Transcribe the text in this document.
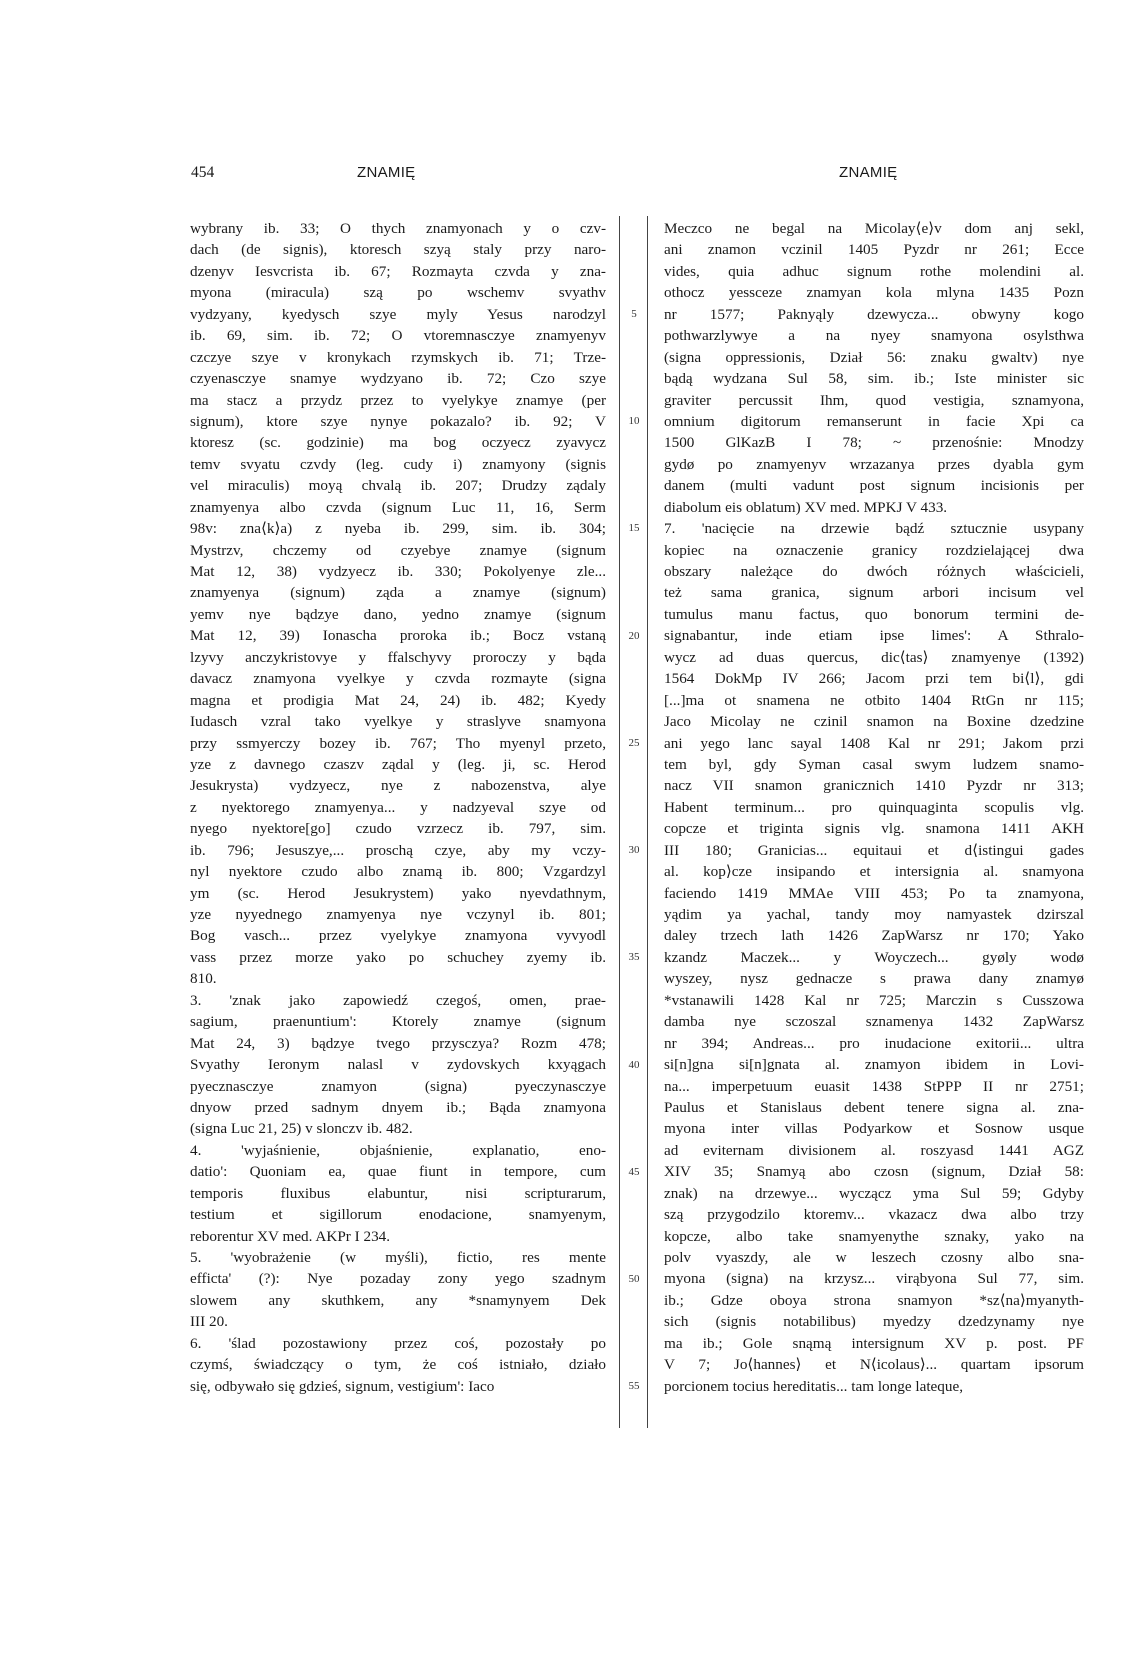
454	ZNAMIĘ	ZNAMIĘ
wybrany ib. 33; O thych znamyonach y o czv-
dach (de signis), ktoresch szyą staly przy naro-
dzenyv Iesvcrista ib. 67; Rozmayta czvda y zna-
myona (miracula) szą po wschemv svyathv
vydzyany, kyedysch szye myly Yesus narodzyl
ib. 69, sim. ib. 72; O vtoremnasczye znamyenyv
czczye szye v kronykach rzymskych ib. 71; Trze-
czyenasczye snamye wydzyano ib. 72; Czo szye
ma stacz a przydz przez to vyelykye znamye (per
signum), ktore szye nynye pokazalo? ib. 92; V
ktoresz (sc. godzinie) ma bog oczyecz zyavycz
temv svyatu czvdy (leg. cudy i) znamyony (signis
vel miraculis) moyą chvalą ib. 207; Drudzy ządaly
znamyenya albo czvda (signum Luc 11, 16, Serm
98v: zna⟨k⟩a) z nyeba ib. 299, sim. ib. 304;
Mystrzv, chczemy od czyebye znamye (signum
Mat 12, 38) vydzyecz ib. 330; Pokolyenye zle...
znamyenya (signum) ząda a znamye (signum)
yemv nye bądzye dano, yedno znamye (signum
Mat 12, 39) Ionascha proroka ib.; Bocz vstaną
lzyvy anczykristovye y ffalschyvy proroczy y bąda
davacz znamyona vyelkye y czvda rozmayte (signa
magna et prodigia Mat 24, 24) ib. 482; Kyedy
Iudasch vzral tako vyelkye y straslyve snamyona
przy ssmyerczy bozey ib. 767; Tho myenyl przeto,
yze z davnego czaszv ządal y (leg. ji, sc. Herod
Jesukrysta) vydzyecz, nye z nabozenstva, alye
z nyektorego znamyenya... y nadzyeval szye od
nyego nyektore[go] czudo vzrzecz ib. 797, sim.
ib. 796; Jesuszye,... proschą czye, aby my vczy-
nyl nyektore czudo albo znamą ib. 800; Vzgardzyl
ym (sc. Herod Jesukrystem) yako nyevdathnym,
yze nyyednego znamyenya nye vczynyl ib. 801;
Bog vasch... przez vyelykye znamyona vyvyodl
vass przez morze yako po schuchey zyemy ib.
810.
3. 'znak jako zapowiedź czegoś, omen, prae-
sagium, praenuntium': Ktorely znamye (signum
Mat 24, 3) bądzye tvego przysczya? Rozm 478;
Svyathy Ieronym nalasl v zydovskych kxyągach
pyecznasczye znamyon (signa) pyeczynasczye
dnyow przed sadnym dnyem ib.; Bąda znamyona
(signa Luc 21, 25) v slonczv ib. 482.
4. 'wyjaśnienie, objaśnienie, explanatio, eno-
datio': Quoniam ea, quae fiunt in tempore, cum
temporis fluxibus elabuntur, nisi scripturarum,
testium et sigillorum enodacione, snamyenym,
reborentur XV med. AKPr I 234.
5. 'wyobrażenie (w myśli), fictio, res mente
efficta' (?): Nye pozaday zony yego szadnym
slowem any skuthkem, any *snamynyem Dek
III 20.
6. 'ślad pozostawiony przez coś, pozostały po
czymś, świadczący o tym, że coś istniało, działo
się, odbywało się gdzieś, signum, vestigium': Iaco
5
10
15
20
25
30
35
40
45
50
55
Meczco ne begal na Micolay⟨e⟩v dom anj sekl,
ani znamon vczinil 1405 Pyzdr nr 261; Ecce
vides, quia adhuc signum rothe molendini al.
othocz yessceze znamyan kola mlyna 1435 Pozn
nr 1577; Paknyąly dzewycza... obwyny kogo
pothwarzlywye a na nyey snamyona osylsthwa
(signa oppressionis, Dział 56: znaku gwaltv) nye
bądą wydzana Sul 58, sim. ib.; Iste minister sic
graviter percussit Ihm, quod vestigia, sznamyona,
omnium digitorum remanserunt in facie Xpi ca
1500 GlKazB I 78; ~ przenośnie: Mnodzy
gydø po znamyenyv wrzazanya przes dyabla gym
danem (multi vadunt post signum incisionis per
diabolum eis oblatum) XV med. MPKJ V 433.
7. 'nacięcie na drzewie bądź sztucznie usypany
kopiec na oznaczenie granicy rozdzielającej dwa
obszary należące do dwóch różnych właścicieli,
też sama granica, signum arbori incisum vel
tumulus manu factus, quo bonorum termini de-
signabantur, inde etiam ipse limes': A Sthralo-
wycz ad duas quercus, dic⟨tas⟩ znamyenye (1392)
1564 DokMp IV 266; Jacom przi tem bi⟨l⟩, gdi
[...]ma ot snamena ne otbito 1404 RtGn nr 115;
Jaco Micolay ne czinil snamon na Boxine dzedzine
ani yego lanc sayal 1408 Kal nr 291; Jakom przi
tem byl, gdy Syman casal swym ludzem snamo-
nacz VII snamon granicznich 1410 Pyzdr nr 313;
Habent terminum... pro quinquaginta scopulis vlg.
copcze et triginta signis vlg. snamona 1411 AKH
III 180; Granicias... equitaui et d⟨istingui gades
al. kop⟩cze insipando et intersignia al. snamyona
faciendo 1419 MMAe VIII 453; Po ta znamyona,
yądim ya yachal, tandy moy namyastek dzirszal
daley trzech lath 1426 ZapWarsz nr 170; Yako
kzandz Maczek... y Woyczech... gyøly wodø
wyszey, nysz gednacze s prawa dany znamyø
*vstanawili 1428 Kal nr 725; Marczin s Cusszowa
damba nye sczoszal sznamenya 1432 ZapWarsz
nr 394; Andreas... pro inudacione exitorii... ultra
si[n]gna si[n]gnata al. znamyon ibidem in Lovi-
na... imperpetuum euasit 1438 StPPP II nr 2751;
Paulus et Stanislaus debent tenere signa al. zna-
myona inter villas Podyarkow et Sosnow usque
ad eviternam divisionem al. roszyasd 1441 AGZ
XIV 35; Snamyą abo czosn (signum, Dział 58:
znak) na drzewye... wyczącz yma Sul 59; Gdyby
szą przygodzilo ktoremv... vkazacz dwa albo trzy
kopcze, albo take snamyenythe sznaky, yako na
polv vyaszdy, ale w leszech czosny albo sna-
myona (signa) na krzysz... virąbyona Sul 77, sim.
ib.; Gdze oboya strona snamyon *sz⟨na⟩myanyth-
sich (signis notabilibus) myedzy dzedzynamy nye
ma ib.; Gole snąmą intersignum XV p. post. PF
V 7; Jo⟨hannes⟩ et N⟨icolaus⟩... quartam ipsorum
porcionem tocius hereditatis... tam longe lateque,
